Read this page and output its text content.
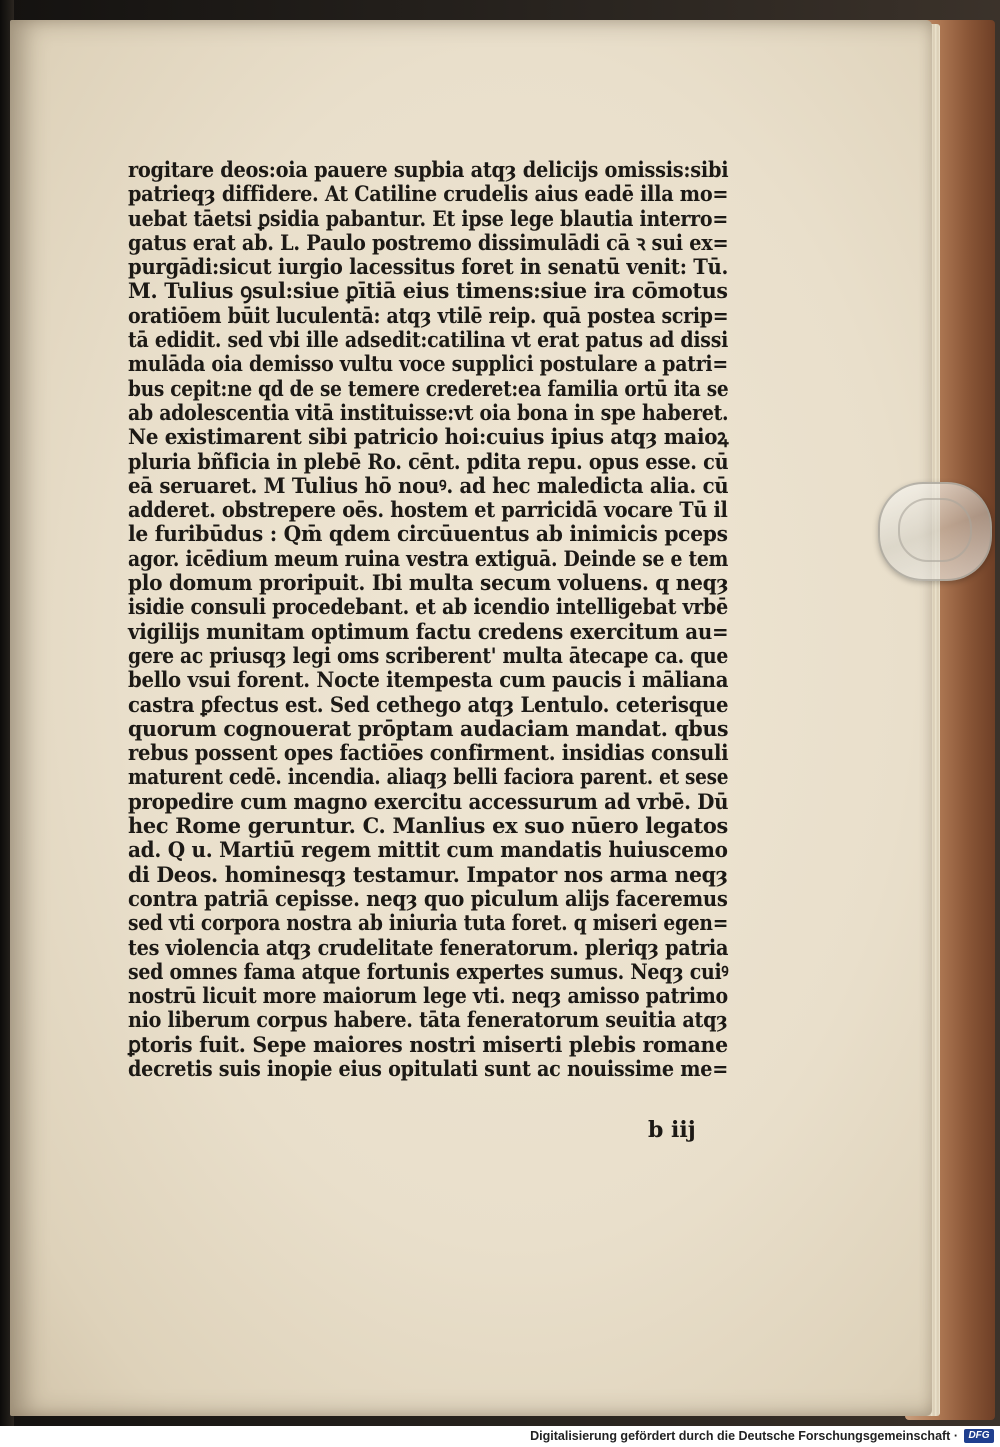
rogitare deos:oia pauere supbia atqȝ delicijs omissis:sibi
patrieqȝ diffidere. At Catiline crudelis aius eadē illa mo=
uebat tāetsi ꝑsidia pabantur. Et ipse lege blautia interro=
gatus erat ab. L. Paulo postremo dissimulādi cā ꝛ sui ex=
purgādi:sicut iurgio lacessitus foret in senatū venit: Tū.
M. Tulius ꝯsul:siue ꝑītiā eius timens:siue ira cōmotus
oratiōem būit luculentā: atqȝ vtilē reip. quā postea scrip=
tā edidit. sed vbi ille adsedit:catilina vt erat patus ad dissi
mulāda oia demisso vultu voce supplici postulare a patri=
bus cepit:ne qd de se temere crederet:ea familia ortū ita se
ab adolescentia vitā instituisse:vt oia bona in spe haberet.
Ne existimarent sibi patricio hoi:cuius ipius atqȝ maioꝝ
pluria bñficia in plebē Ro. cēnt. pdita repu. opus esse. cū
eā seruaret. M Tulius hō nouꝰ. ad hec maledicta alia. cū
adderet. obstrepere oēs. hostem et parricidā vocare Tū il
le furibūdus : Qm̄ qdem circūuentus ab inimicis pceps
agor. icēdium meum ruina vestra extiguā. Deinde se e tem
plo domum proripuit. Ibi multa secum voluens. q neqȝ
isidie consuli procedebant. et ab icendio intelligebat vrbē
vigilijs munitam optimum factu credens exercitum au=
gere ac priusqȝ legi oms scriberent' multa ātecape ca. que
bello vsui forent. Nocte itempesta cum paucis i māliana
castra ꝑfectus est. Sed cethego atqȝ Lentulo. ceterisque
quorum cognouerat prōptam audaciam mandat. qbus
rebus possent opes factiōes confirment. insidias consuli
maturent cedē. incendia. aliaqȝ belli faciora parent. et sese
propedire cum magno exercitu accessurum ad vrbē. Dū
hec Rome geruntur. C. Manlius ex suo nūero legatos
ad. Q u. Martiū regem mittit cum mandatis huiuscemo
di Deos. hominesqȝ testamur. Impator nos arma neqȝ
contra patriā cepisse. neqȝ quo piculum alijs faceremus
sed vti corpora nostra ab iniuria tuta foret. q miseri egen=
tes violencia atqȝ crudelitate feneratorum. pleriqȝ patria
sed omnes fama atque fortunis expertes sumus. Neqȝ cuiꝰ
nostrū licuit more maiorum lege vti. neqȝ amisso patrimo
nio liberum corpus habere. tāta feneratorum seuitia atqȝ
ꝑtoris fuit. Sepe maiores nostri miserti plebis romane
decretis suis inopie eius opitulati sunt ac nouissime me=
b iij
Digitalisierung gefördert durch die Deutsche Forschungsgemeinschaft ·	DFG
